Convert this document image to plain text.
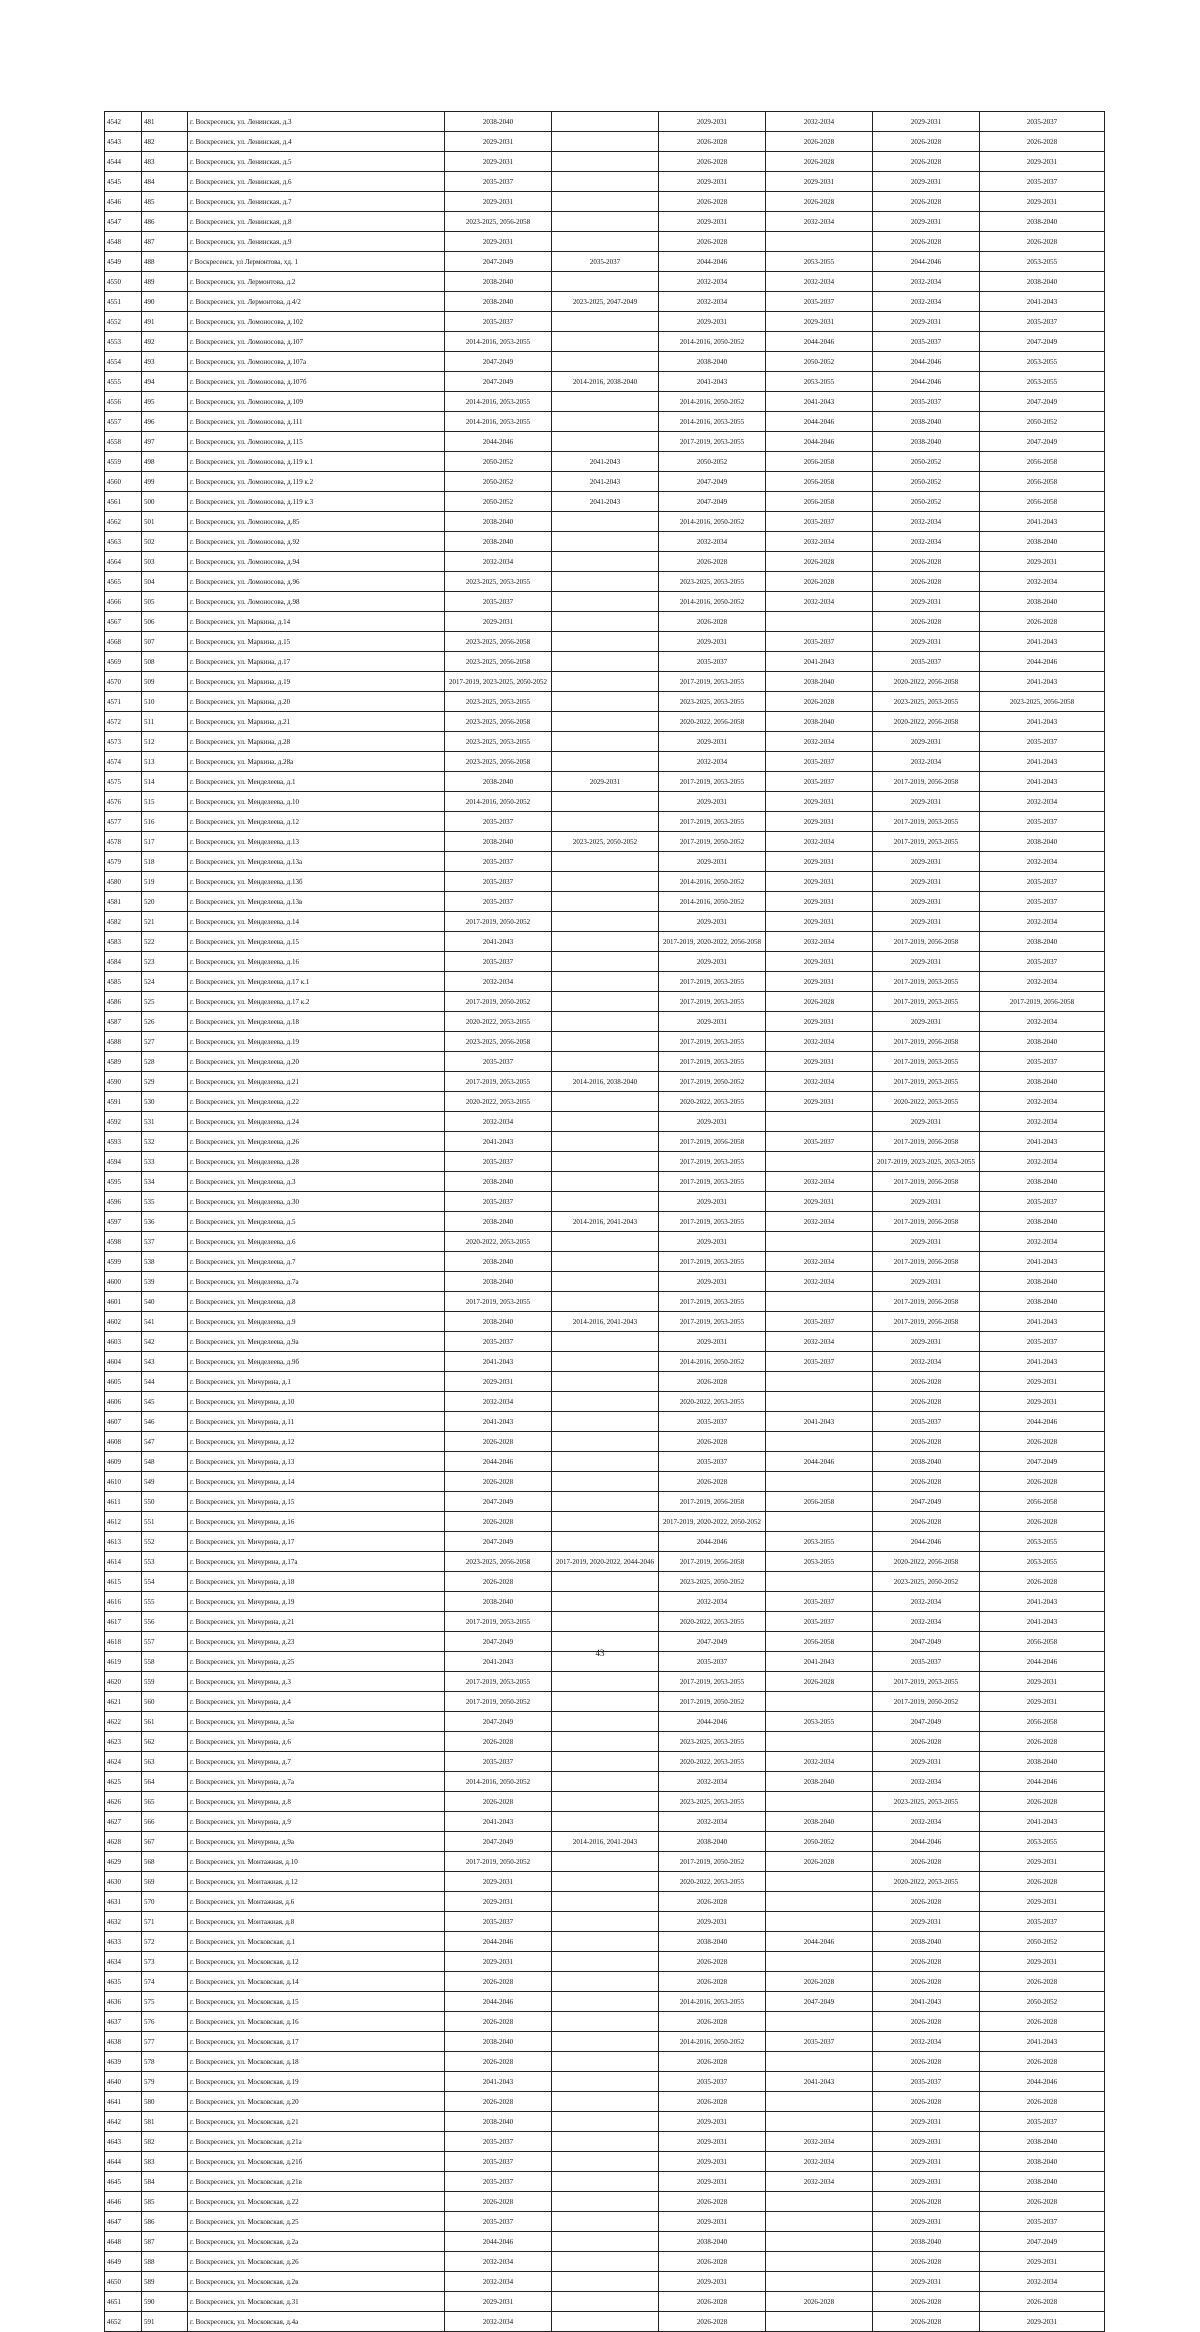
4542	481	г. Воскресенск, ул. Ленинская, д.3	2038-2040		2029-2031	2032-2034	2029-2031	2035-2037
4543	482	г. Воскресенск, ул. Ленинская, д.4	2029-2031		2026-2028	2026-2028	2026-2028	2026-2028
4544	483	г. Воскресенск, ул. Ленинская, д.5	2029-2031		2026-2028	2026-2028	2026-2028	2029-2031
4545	484	г. Воскресенск, ул. Ленинская, д.6	2035-2037		2029-2031	2029-2031	2029-2031	2035-2037
4546	485	г. Воскресенск, ул. Ленинская, д.7	2029-2031		2026-2028	2026-2028	2026-2028	2029-2031
4547	486	г. Воскресенск, ул. Ленинская, д.8	2023-2025, 2056-2058		2029-2031	2032-2034	2029-2031	2038-2040
4548	487	г. Воскресенск, ул. Ленинская, д.9	2029-2031		2026-2028		2026-2028	2026-2028
4549	488	г Воскресенск, ул Лермонтова, хд. 1	2047-2049	2035-2037	2044-2046	2053-2055	2044-2046	2053-2055
4550	489	г. Воскресенск, ул. Лермонтова, д.2	2038-2040		2032-2034	2032-2034	2032-2034	2038-2040
4551	490	г. Воскресенск, ул. Лермонтова, д.4/2	2038-2040	2023-2025, 2047-2049	2032-2034	2035-2037	2032-2034	2041-2043
4552	491	г. Воскресенск, ул. Ломоносова, д.102	2035-2037		2029-2031	2029-2031	2029-2031	2035-2037
4553	492	г. Воскресенск, ул. Ломоносова, д.107	2014-2016, 2053-2055		2014-2016, 2050-2052	2044-2046	2035-2037	2047-2049
4554	493	г. Воскресенск, ул. Ломоносова, д.107а	2047-2049		2038-2040	2050-2052	2044-2046	2053-2055
4555	494	г. Воскресенск, ул. Ломоносова, д.107б	2047-2049	2014-2016, 2038-2040	2041-2043	2053-2055	2044-2046	2053-2055
4556	495	г. Воскресенск, ул. Ломоносова, д.109	2014-2016, 2053-2055		2014-2016, 2050-2052	2041-2043	2035-2037	2047-2049
4557	496	г. Воскресенск, ул. Ломоносова, д.111	2014-2016, 2053-2055		2014-2016, 2053-2055	2044-2046	2038-2040	2050-2052
4558	497	г. Воскресенск, ул. Ломоносова, д.115	2044-2046		2017-2019, 2053-2055	2044-2046	2038-2040	2047-2049
4559	498	г. Воскресенск, ул. Ломоносова, д.119 к.1	2050-2052	2041-2043	2050-2052	2056-2058	2050-2052	2056-2058
4560	499	г. Воскресенск, ул. Ломоносова, д.119 к.2	2050-2052	2041-2043	2047-2049	2056-2058	2050-2052	2056-2058
4561	500	г. Воскресенск, ул. Ломоносова, д.119 к.3	2050-2052	2041-2043	2047-2049	2056-2058	2050-2052	2056-2058
4562	501	г. Воскресенск, ул. Ломоносова, д.85	2038-2040		2014-2016, 2050-2052	2035-2037	2032-2034	2041-2043
4563	502	г. Воскресенск, ул. Ломоносова, д.92	2038-2040		2032-2034	2032-2034	2032-2034	2038-2040
4564	503	г. Воскресенск, ул. Ломоносова, д.94	2032-2034		2026-2028	2026-2028	2026-2028	2029-2031
4565	504	г. Воскресенск, ул. Ломоносова, д.96	2023-2025, 2053-2055		2023-2025, 2053-2055	2026-2028	2026-2028	2032-2034
4566	505	г. Воскресенск, ул. Ломоносова, д.98	2035-2037		2014-2016, 2050-2052	2032-2034	2029-2031	2038-2040
4567	506	г. Воскресенск, ул. Маркина, д.14	2029-2031		2026-2028		2026-2028	2026-2028
4568	507	г. Воскресенск, ул. Маркина, д.15	2023-2025, 2056-2058		2029-2031	2035-2037	2029-2031	2041-2043
4569	508	г. Воскресенск, ул. Маркина, д.17	2023-2025, 2056-2058		2035-2037	2041-2043	2035-2037	2044-2046
4570	509	г. Воскресенск, ул. Маркина, д.19	2017-2019, 2023-2025, 2050-2052		2017-2019, 2053-2055	2038-2040	2020-2022, 2056-2058	2041-2043
4571	510	г. Воскресенск, ул. Маркина, д.20	2023-2025, 2053-2055		2023-2025, 2053-2055	2026-2028	2023-2025, 2053-2055	2023-2025, 2056-2058
4572	511	г. Воскресенск, ул. Маркина, д.21	2023-2025, 2056-2058		2020-2022, 2056-2058	2038-2040	2020-2022, 2056-2058	2041-2043
4573	512	г. Воскресенск, ул. Маркина, д.28	2023-2025, 2053-2055		2029-2031	2032-2034	2029-2031	2035-2037
4574	513	г. Воскресенск, ул. Маркина, д.28а	2023-2025, 2056-2058		2032-2034	2035-2037	2032-2034	2041-2043
4575	514	г. Воскресенск, ул. Менделеева, д.1	2038-2040	2029-2031	2017-2019, 2053-2055	2035-2037	2017-2019, 2056-2058	2041-2043
4576	515	г. Воскресенск, ул. Менделеева, д.10	2014-2016, 2050-2052		2029-2031	2029-2031	2029-2031	2032-2034
4577	516	г. Воскресенск, ул. Менделеева, д.12	2035-2037		2017-2019, 2053-2055	2029-2031	2017-2019, 2053-2055	2035-2037
4578	517	г. Воскресенск, ул. Менделеева, д.13	2038-2040	2023-2025, 2050-2052	2017-2019, 2050-2052	2032-2034	2017-2019, 2053-2055	2038-2040
4579	518	г. Воскресенск, ул. Менделеева, д.13а	2035-2037		2029-2031	2029-2031	2029-2031	2032-2034
4580	519	г. Воскресенск, ул. Менделеева, д.13б	2035-2037		2014-2016, 2050-2052	2029-2031	2029-2031	2035-2037
4581	520	г. Воскресенск, ул. Менделеева, д.13в	2035-2037		2014-2016, 2050-2052	2029-2031	2029-2031	2035-2037
4582	521	г. Воскресенск, ул. Менделеева, д.14	2017-2019, 2050-2052		2029-2031	2029-2031	2029-2031	2032-2034
4583	522	г. Воскресенск, ул. Менделеева, д.15	2041-2043		2017-2019, 2020-2022, 2056-2058	2032-2034	2017-2019, 2056-2058	2038-2040
4584	523	г. Воскресенск, ул. Менделеева, д.16	2035-2037		2029-2031	2029-2031	2029-2031	2035-2037
4585	524	г. Воскресенск, ул. Менделеева, д.17 к.1	2032-2034		2017-2019, 2053-2055	2029-2031	2017-2019, 2053-2055	2032-2034
4586	525	г. Воскресенск, ул. Менделеева, д.17 к.2	2017-2019, 2050-2052		2017-2019, 2053-2055	2026-2028	2017-2019, 2053-2055	2017-2019, 2056-2058
4587	526	г. Воскресенск, ул. Менделеева, д.18	2020-2022, 2053-2055		2029-2031	2029-2031	2029-2031	2032-2034
4588	527	г. Воскресенск, ул. Менделеева, д.19	2023-2025, 2056-2058		2017-2019, 2053-2055	2032-2034	2017-2019, 2056-2058	2038-2040
4589	528	г. Воскресенск, ул. Менделеева, д.20	2035-2037		2017-2019, 2053-2055	2029-2031	2017-2019, 2053-2055	2035-2037
4590	529	г. Воскресенск, ул. Менделеева, д.21	2017-2019, 2053-2055	2014-2016, 2038-2040	2017-2019, 2050-2052	2032-2034	2017-2019, 2053-2055	2038-2040
4591	530	г. Воскресенск, ул. Менделеева, д.22	2020-2022, 2053-2055		2020-2022, 2053-2055	2029-2031	2020-2022, 2053-2055	2032-2034
4592	531	г. Воскресенск, ул. Менделеева, д.24	2032-2034		2029-2031		2029-2031	2032-2034
4593	532	г. Воскресенск, ул. Менделеева, д.26	2041-2043		2017-2019, 2056-2058	2035-2037	2017-2019, 2056-2058	2041-2043
4594	533	г. Воскресенск, ул. Менделеева, д.28	2035-2037		2017-2019, 2053-2055		2017-2019, 2023-2025, 2053-2055	2032-2034
4595	534	г. Воскресенск, ул. Менделеева, д.3	2038-2040		2017-2019, 2053-2055	2032-2034	2017-2019, 2056-2058	2038-2040
4596	535	г. Воскресенск, ул. Менделеева, д.30	2035-2037		2029-2031	2029-2031	2029-2031	2035-2037
4597	536	г. Воскресенск, ул. Менделеева, д.5	2038-2040	2014-2016, 2041-2043	2017-2019, 2053-2055	2032-2034	2017-2019, 2056-2058	2038-2040
4598	537	г. Воскресенск, ул. Менделеева, д.6	2020-2022, 2053-2055		2029-2031		2029-2031	2032-2034
4599	538	г. Воскресенск, ул. Менделеева, д.7	2038-2040		2017-2019, 2053-2055	2032-2034	2017-2019, 2056-2058	2041-2043
4600	539	г. Воскресенск, ул. Менделеева, д.7а	2038-2040		2029-2031	2032-2034	2029-2031	2038-2040
4601	540	г. Воскресенск, ул. Менделеева, д.8	2017-2019, 2053-2055		2017-2019, 2053-2055		2017-2019, 2056-2058	2038-2040
4602	541	г. Воскресенск, ул. Менделеева, д.9	2038-2040	2014-2016, 2041-2043	2017-2019, 2053-2055	2035-2037	2017-2019, 2056-2058	2041-2043
4603	542	г. Воскресенск, ул. Менделеева, д.9а	2035-2037		2029-2031	2032-2034	2029-2031	2035-2037
4604	543	г. Воскресенск, ул. Менделеева, д.9б	2041-2043		2014-2016, 2050-2052	2035-2037	2032-2034	2041-2043
4605	544	г. Воскресенск, ул. Мичурина, д.1	2029-2031		2026-2028		2026-2028	2029-2031
4606	545	г. Воскресенск, ул. Мичурина, д.10	2032-2034		2020-2022, 2053-2055		2026-2028	2029-2031
4607	546	г. Воскресенск, ул. Мичурина, д.11	2041-2043		2035-2037	2041-2043	2035-2037	2044-2046
4608	547	г. Воскресенск, ул. Мичурина, д.12	2026-2028		2026-2028		2026-2028	2026-2028
4609	548	г. Воскресенск, ул. Мичурина, д.13	2044-2046		2035-2037	2044-2046	2038-2040	2047-2049
4610	549	г. Воскресенск, ул. Мичурина, д.14	2026-2028		2026-2028		2026-2028	2026-2028
4611	550	г. Воскресенск, ул. Мичурина, д.15	2047-2049		2017-2019, 2056-2058	2056-2058	2047-2049	2056-2058
4612	551	г. Воскресенск, ул. Мичурина, д.16	2026-2028		2017-2019, 2020-2022, 2050-2052		2026-2028	2026-2028
4613	552	г. Воскресенск, ул. Мичурина, д.17	2047-2049		2044-2046	2053-2055	2044-2046	2053-2055
4614	553	г. Воскресенск, ул. Мичурина, д.17а	2023-2025, 2056-2058	2017-2019, 2020-2022, 2044-2046	2017-2019, 2056-2058	2053-2055	2020-2022, 2056-2058	2053-2055
4615	554	г. Воскресенск, ул. Мичурина, д.18	2026-2028		2023-2025, 2050-2052		2023-2025, 2050-2052	2026-2028
4616	555	г. Воскресенск, ул. Мичурина, д.19	2038-2040		2032-2034	2035-2037	2032-2034	2041-2043
4617	556	г. Воскресенск, ул. Мичурина, д.21	2017-2019, 2053-2055		2020-2022, 2053-2055	2035-2037	2032-2034	2041-2043
4618	557	г. Воскресенск, ул. Мичурина, д.23	2047-2049		2047-2049	2056-2058	2047-2049	2056-2058
4619	558	г. Воскресенск, ул. Мичурина, д.25	2041-2043		2035-2037	2041-2043	2035-2037	2044-2046
4620	559	г. Воскресенск, ул. Мичурина, д.3	2017-2019, 2053-2055		2017-2019, 2053-2055	2026-2028	2017-2019, 2053-2055	2029-2031
4621	560	г. Воскресенск, ул. Мичурина, д.4	2017-2019, 2050-2052		2017-2019, 2050-2052		2017-2019, 2050-2052	2029-2031
4622	561	г. Воскресенск, ул. Мичурина, д.5а	2047-2049		2044-2046	2053-2055	2047-2049	2056-2058
4623	562	г. Воскресенск, ул. Мичурина, д.6	2026-2028		2023-2025, 2053-2055		2026-2028	2026-2028
4624	563	г. Воскресенск, ул. Мичурина, д.7	2035-2037		2020-2022, 2053-2055	2032-2034	2029-2031	2038-2040
4625	564	г. Воскресенск, ул. Мичурина, д.7а	2014-2016, 2050-2052		2032-2034	2038-2040	2032-2034	2044-2046
4626	565	г. Воскресенск, ул. Мичурина, д.8	2026-2028		2023-2025, 2053-2055		2023-2025, 2053-2055	2026-2028
4627	566	г. Воскресенск, ул. Мичурина, д.9	2041-2043		2032-2034	2038-2040	2032-2034	2041-2043
4628	567	г. Воскресенск, ул. Мичурина, д.9а	2047-2049	2014-2016, 2041-2043	2038-2040	2050-2052	2044-2046	2053-2055
4629	568	г. Воскресенск, ул. Монтажная, д.10	2017-2019, 2050-2052		2017-2019, 2050-2052	2026-2028	2026-2028	2029-2031
4630	569	г. Воскресенск, ул. Монтажная, д.12	2029-2031		2020-2022, 2053-2055		2020-2022, 2053-2055	2026-2028
4631	570	г. Воскресенск, ул. Монтажная, д.6	2029-2031		2026-2028		2026-2028	2029-2031
4632	571	г. Воскресенск, ул. Монтажная, д.8	2035-2037		2029-2031		2029-2031	2035-2037
4633	572	г. Воскресенск, ул. Московская, д.1	2044-2046		2038-2040	2044-2046	2038-2040	2050-2052
4634	573	г. Воскресенск, ул. Московская, д.12	2029-2031		2026-2028		2026-2028	2029-2031
4635	574	г. Воскресенск, ул. Московская, д.14	2026-2028		2026-2028	2026-2028	2026-2028	2026-2028
4636	575	г. Воскресенск, ул. Московская, д.15	2044-2046		2014-2016, 2053-2055	2047-2049	2041-2043	2050-2052
4637	576	г. Воскресенск, ул. Московская, д.16	2026-2028		2026-2028		2026-2028	2026-2028
4638	577	г. Воскресенск, ул. Московская, д.17	2038-2040		2014-2016, 2050-2052	2035-2037	2032-2034	2041-2043
4639	578	г. Воскресенск, ул. Московская, д.18	2026-2028		2026-2028		2026-2028	2026-2028
4640	579	г. Воскресенск, ул. Московская, д.19	2041-2043		2035-2037	2041-2043	2035-2037	2044-2046
4641	580	г. Воскресенск, ул. Московская, д.20	2026-2028		2026-2028		2026-2028	2026-2028
4642	581	г. Воскресенск, ул. Московская, д.21	2038-2040		2029-2031		2029-2031	2035-2037
4643	582	г. Воскресенск, ул. Московская, д.21а	2035-2037		2029-2031	2032-2034	2029-2031	2038-2040
4644	583	г. Воскресенск, ул. Московская, д.21б	2035-2037		2029-2031	2032-2034	2029-2031	2038-2040
4645	584	г. Воскресенск, ул. Московская, д.21в	2035-2037		2029-2031	2032-2034	2029-2031	2038-2040
4646	585	г. Воскресенск, ул. Московская, д.22	2026-2028		2026-2028		2026-2028	2026-2028
4647	586	г. Воскресенск, ул. Московская, д.25	2035-2037		2029-2031		2029-2031	2035-2037
4648	587	г. Воскресенск, ул. Московская, д.2а	2044-2046		2038-2040		2038-2040	2047-2049
4649	588	г. Воскресенск, ул. Московская, д.26	2032-2034		2026-2028		2026-2028	2029-2031
4650	589	г. Воскресенск, ул. Московская, д.2в	2032-2034		2029-2031		2029-2031	2032-2034
4651	590	г. Воскресенск, ул. Московская, д.31	2029-2031		2026-2028	2026-2028	2026-2028	2026-2028
4652	591	г. Воскресенск, ул. Московская, д.4а	2032-2034		2026-2028		2026-2028	2029-2031
43
